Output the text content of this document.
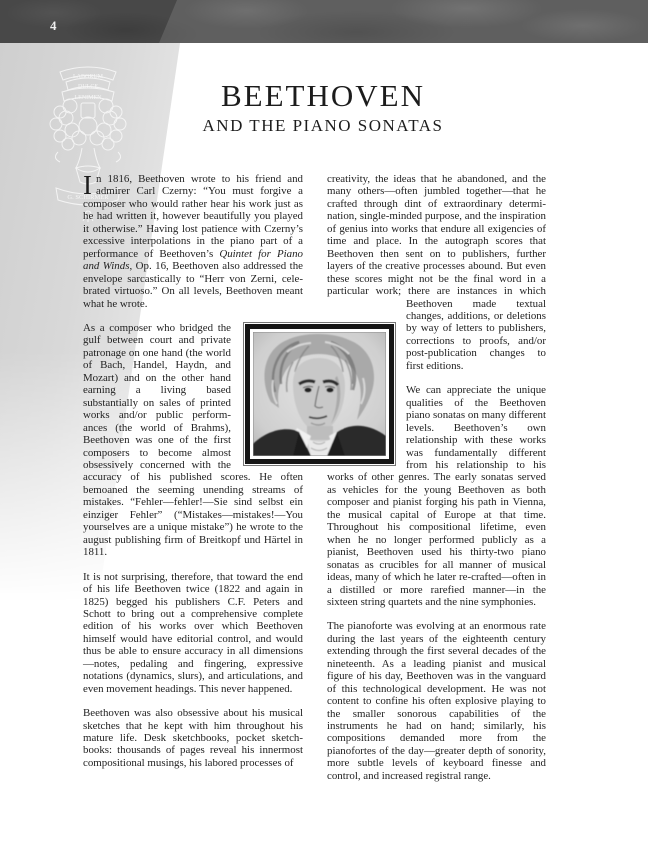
4
LABORUM
DULCE
LENIMEN
G. SCHIRMER
BEETHOVEN
AND THE PIANO SONATAS

In 1816, Beethoven wrote to his friend and admirer Carl Czerny: “You must forgive a composer who would rather hear his work just as he had written it, however beautifully you played it otherwise.” Having lost patience with Czerny’s excessive interpolations in the piano part of a performance of Beethoven’s Quintet for Piano and Winds, Op. 16, Beethoven also addressed the envelope sarcastically to “Herr von Zerni, celebrated virtuoso.” On all levels, Beethoven meant what he wrote.

As a composer who bridged the gulf between court and private patronage on one hand (the world of Bach, Handel, Haydn, and Mozart) and on the other hand earning a living based substantially on sales of printed works and/or public performances (the world of Brahms), Beethoven was one of the first composers to become almost obsessively concerned with the accuracy of his published scores. He often bemoaned the seeming unending streams of mistakes. “Fehler—fehler!—Sie sind selbst ein einziger Fehler” (“Mistakes—mistakes!—You yourselves are a unique mistake”) he wrote to the august publishing firm of Breitkopf und Härtel in 1811.

It is not surprising, therefore, that toward the end of his life Beethoven twice (1822 and again in 1825) begged his publishers C.F. Peters and Schott to bring out a comprehensive complete edition of his works over which Beethoven himself would have editorial control, and would thus be able to ensure accuracy in all dimensions—notes, pedaling and fingering, expressive notations (dynamics, slurs), and articulations, and even movement headings. This never happened.

Beethoven was also obsessive about his musical sketches that he kept with him throughout his mature life. Desk sketchbooks, pocket sketchbooks: thousands of pages reveal his innermost compositional musings, his labored processes of

creativity, the ideas that he abandoned, and the many others—often jumbled together—that he crafted through dint of extraordinary determination, single-minded purpose, and the inspiration of genius into works that endure all exigencies of time and place. In the autograph scores that Beethoven then sent on to publishers, further layers of the creative processes abound. But even these scores might not be the final word in a particular work; there are instances in which
Beethoven made textual changes, additions, or deletions by way of letters to publishers, corrections to proofs, and/or post-publication changes to first editions.

We can appreciate the unique qualities of the Beethoven piano sonatas on many different levels. Beethoven’s own relationship with these works was fundamentally different from his relationship to his works of other genres. The early sonatas served as vehicles for the young Beethoven as both composer and pianist forging his path in Vienna, the musical capital of Europe at that time. Throughout his compositional lifetime, even when he no longer performed publicly as a pianist, Beethoven used his thirty-two piano sonatas as crucibles for all manner of musical ideas, many of which he later re-crafted—often in a distilled or more rarefied manner—in the sixteen string quartets and the nine symphonies.

The pianoforte was evolving at an enormous rate during the last years of the eighteenth century extending through the first several decades of the nineteenth. As a leading pianist and musical figure of his day, Beethoven was in the vanguard of this technological development. He was not content to confine his often explosive playing to the smaller sonorous capabilities of the instruments he had on hand; similarly, his compositions demanded more from the pianofortes of the day—greater depth of sonority, more subtle levels of keyboard finesse and control, and increased registral range.
